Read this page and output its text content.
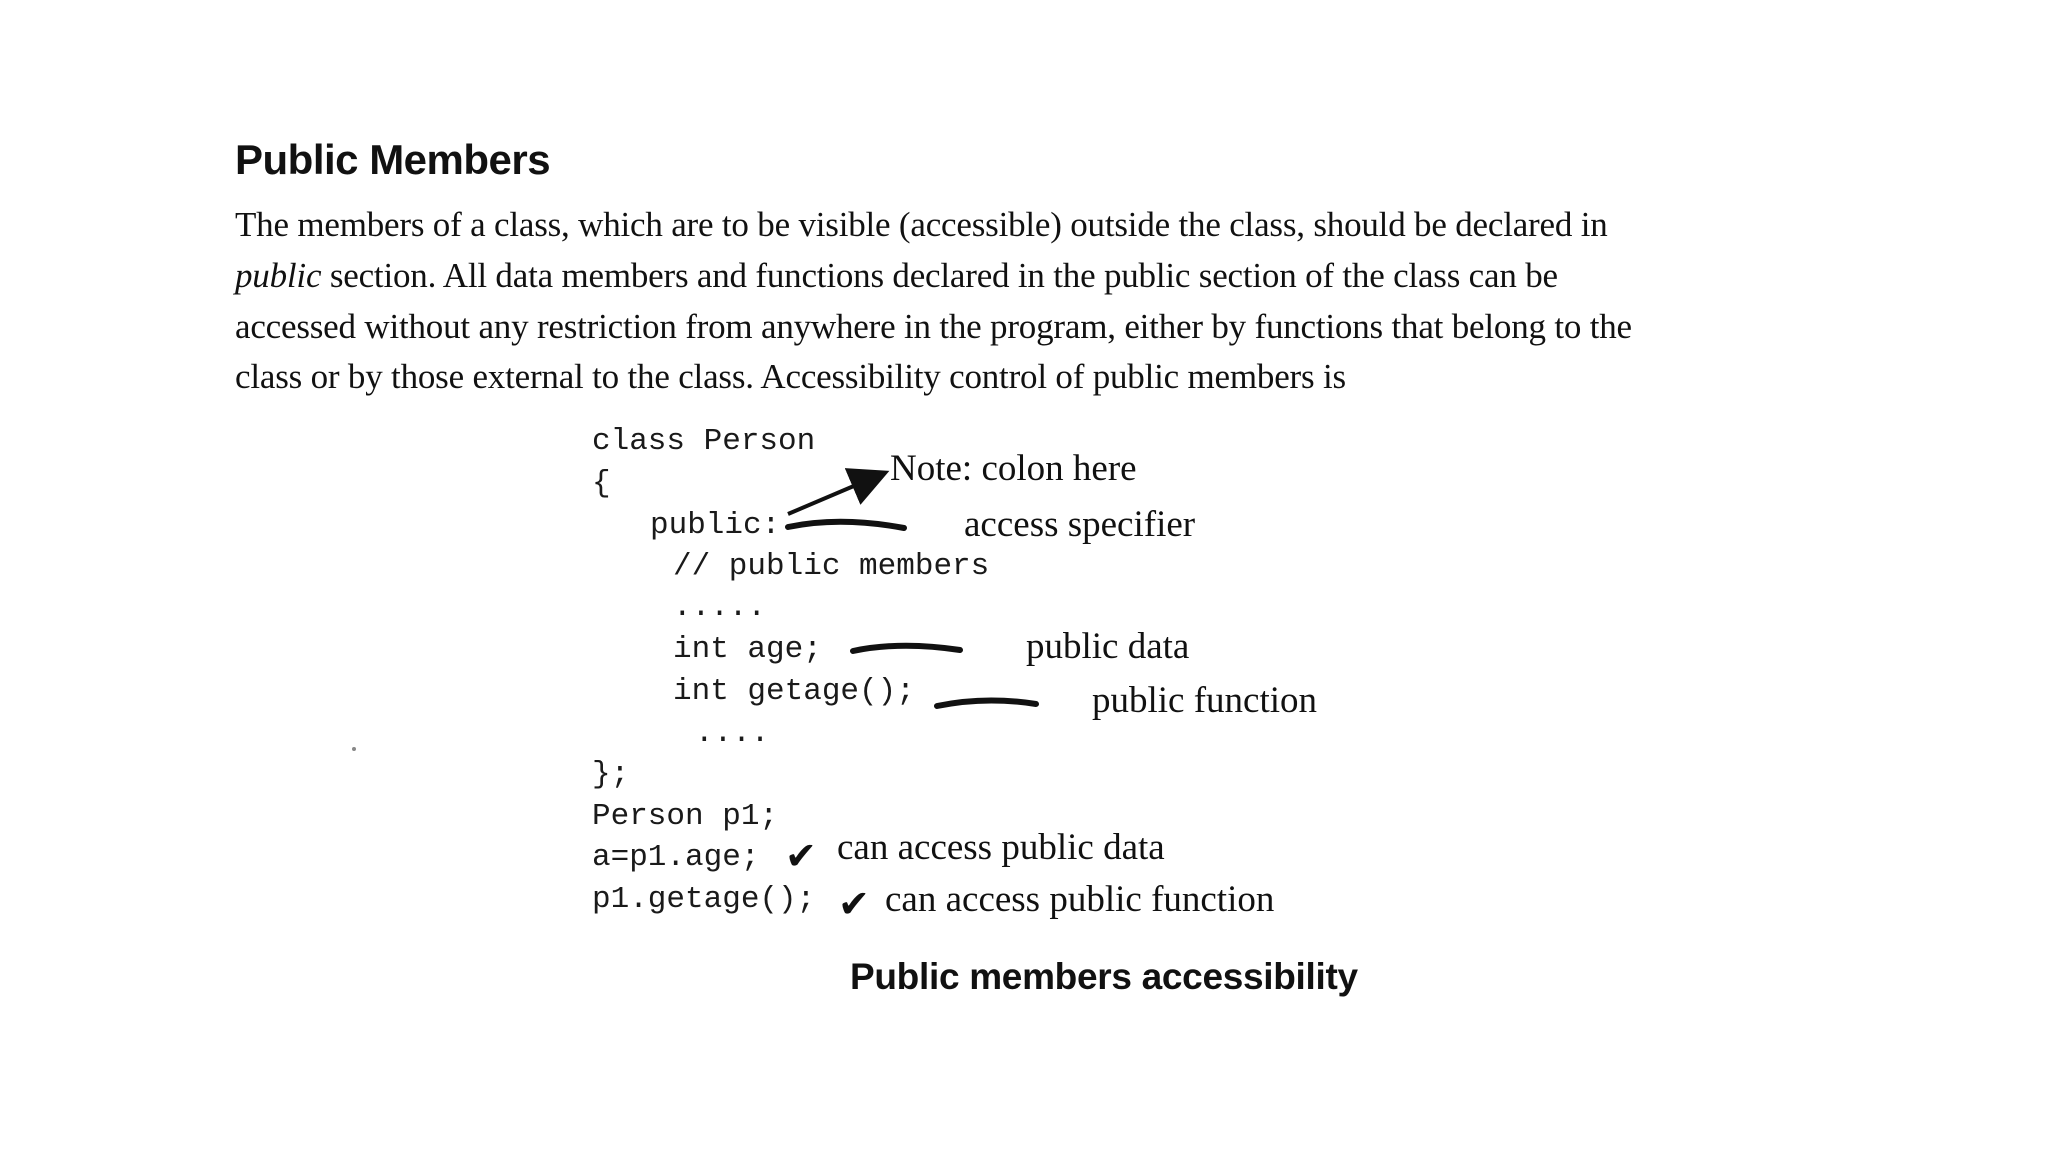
Public Members
The members of a class, which are to be visible (accessible) outside the class, should be declared in
public section. All data members and functions declared in the public section of the class can be
accessed without any restriction from anywhere in the program, either by functions that belong to the
class or by those external to the class. Accessibility control of public members is
class Person
{
public:
// public members
.....
int age;
int getage();
....
};
Person p1;
a=p1.age;
p1.getage();
Note: colon here
access specifier
public data
public function
✔ can access public data
✔ can access public function
Public members accessibility
